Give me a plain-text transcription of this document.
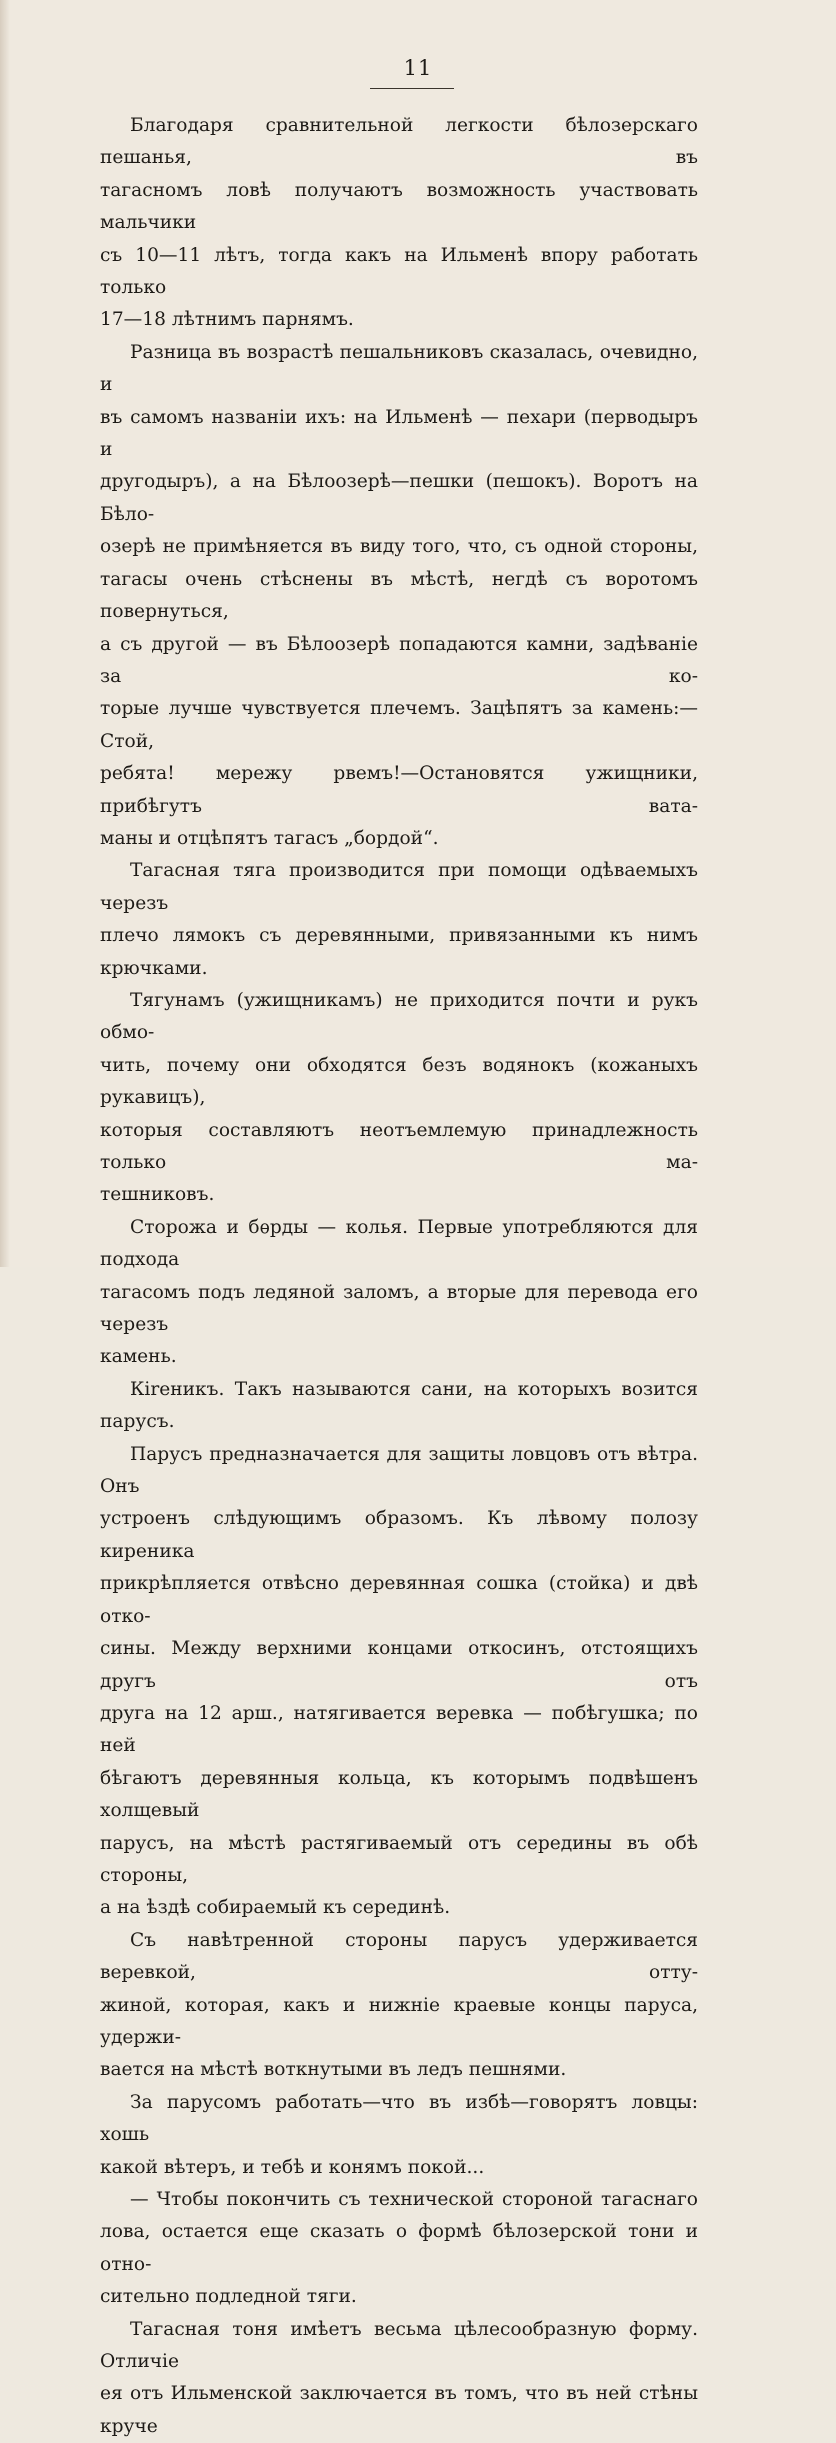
11

Благодаря сравнительной легкости бѣлозерскаго пешанья, въ

тагасномъ ловѣ получаютъ возможность участвовать мальчики

съ 10—11 лѣтъ, тогда какъ на Ильменѣ впору работать только

17—18 лѣтнимъ парнямъ.

Разница въ возрастѣ пешальниковъ сказалась, очевидно, и

въ самомъ названіи ихъ: на Ильменѣ — пехари (перводыръ и

другодыръ), а на Бѣлоозерѣ—пешки (пешокъ). Воротъ на Бѣло-

озерѣ не примѣняется въ виду того, что, съ одной стороны,

тагасы очень стѣснены въ мѣстѣ, негдѣ съ воротомъ повернуться,

а съ другой — въ Бѣлоозерѣ попадаются камни, задѣваніе за ко-

торые лучше чувствуется плечемъ. Зацѣпятъ за камень:—Стой,

ребята! мережу рвемъ!—Остановятся ужищники, прибѣгутъ вата-

маны и отцѣпятъ тагасъ „бордой“.

Тагасная тяга производится при помощи одѣваемыхъ черезъ

плечо лямокъ съ деревянными, привязанными къ нимъ крючками.

Тягунамъ (ужищникамъ) не приходится почти и рукъ обмо-

чить, почему они обходятся безъ водянокъ (кожаныхъ рукавицъ),

которыя составляютъ неотъемлемую принадлежность только ма-

тешниковъ.

Сторожа и бѳрды — колья. Первые употребляются для подхода

тагасомъ подъ ледяной заломъ, а вторые для перевода его черезъ

камень.

Кireникъ. Такъ называются сани, на которыхъ возится

парусъ.

Парусъ предназначается для защиты ловцовъ отъ вѣтра. Онъ

устроенъ слѣдующимъ образомъ. Къ лѣвому полозу киреника

прикрѣпляется отвѣсно деревянная сошка (стойка) и двѣ отко-

сины. Между верхними концами откосинъ, отстоящихъ другъ отъ

друга на 12 арш., натягивается веревка — побѣгушка; по ней

бѣгаютъ деревянныя кольца, къ которымъ подвѣшенъ холщевый

парусъ, на мѣстѣ растягиваемый отъ середины въ обѣ стороны,

а на ѣздѣ собираемый къ серединѣ.

Съ навѣтренной стороны парусъ удерживается веревкой, отту-

жиной, которая, какъ и нижніе краевые концы паруса, удержи-

вается на мѣстѣ воткнутыми въ ледъ пешнями.

За парусомъ работать—что въ избѣ—говорятъ ловцы: хошь

какой вѣтеръ, и тебѣ и конямъ покой...

— Чтобы покончить съ технической стороной тагаснаго

лова, остается еще сказать о формѣ бѣлозерской тони и отно-

сительно подледной тяги.

Тагасная тоня имѣетъ весьма цѣлесообразную форму. Отличіе

ея отъ Ильменской заключается въ томъ, что въ ней стѣны круче
